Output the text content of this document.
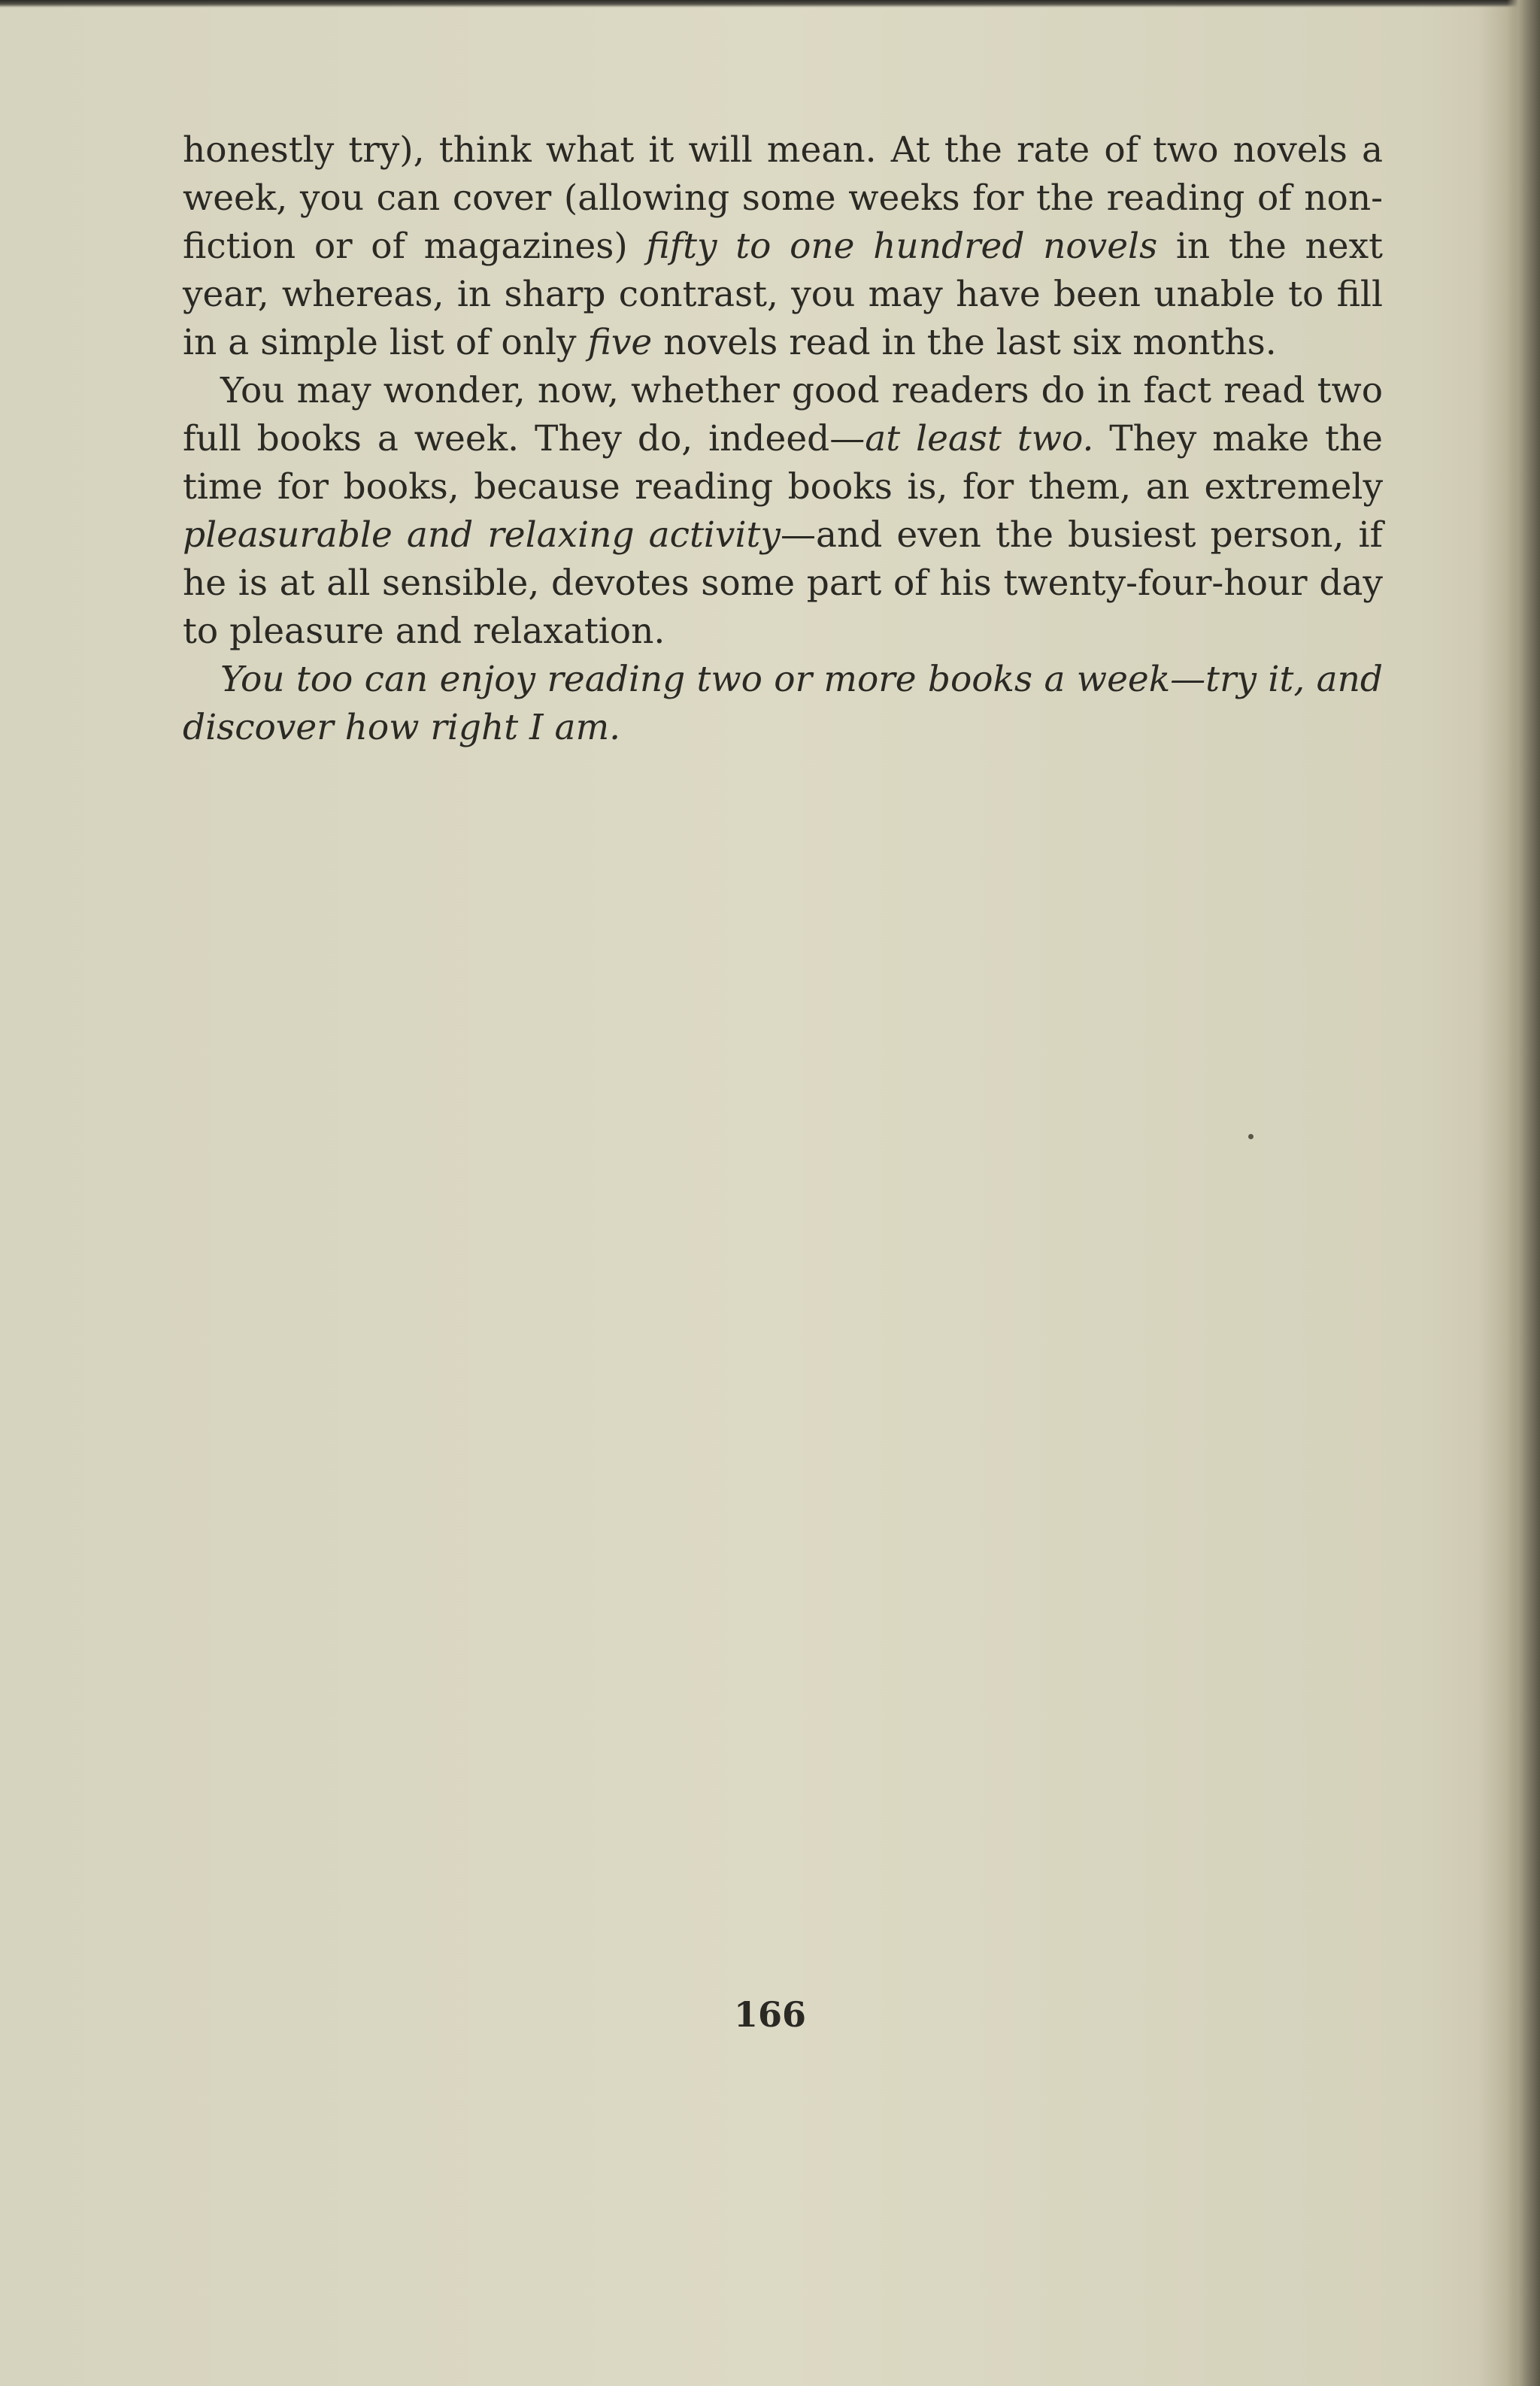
honestly try), think what it will mean. At the rate of two novels a week, you can cover (allowing some weeks for the reading of non-fiction or of magazines) fifty to one hundred novels in the next year, whereas, in sharp contrast, you may have been unable to fill in a simple list of only five novels read in the last six months.

You may wonder, now, whether good readers do in fact read two full books a week. They do, indeed—at least two. They make the time for books, because reading books is, for them, an extremely pleasurable and relaxing activity—and even the busiest person, if he is at all sensible, devotes some part of his twenty-four-hour day to pleasure and relaxation.

You too can enjoy reading two or more books a week—try it, and discover how right I am.

166
